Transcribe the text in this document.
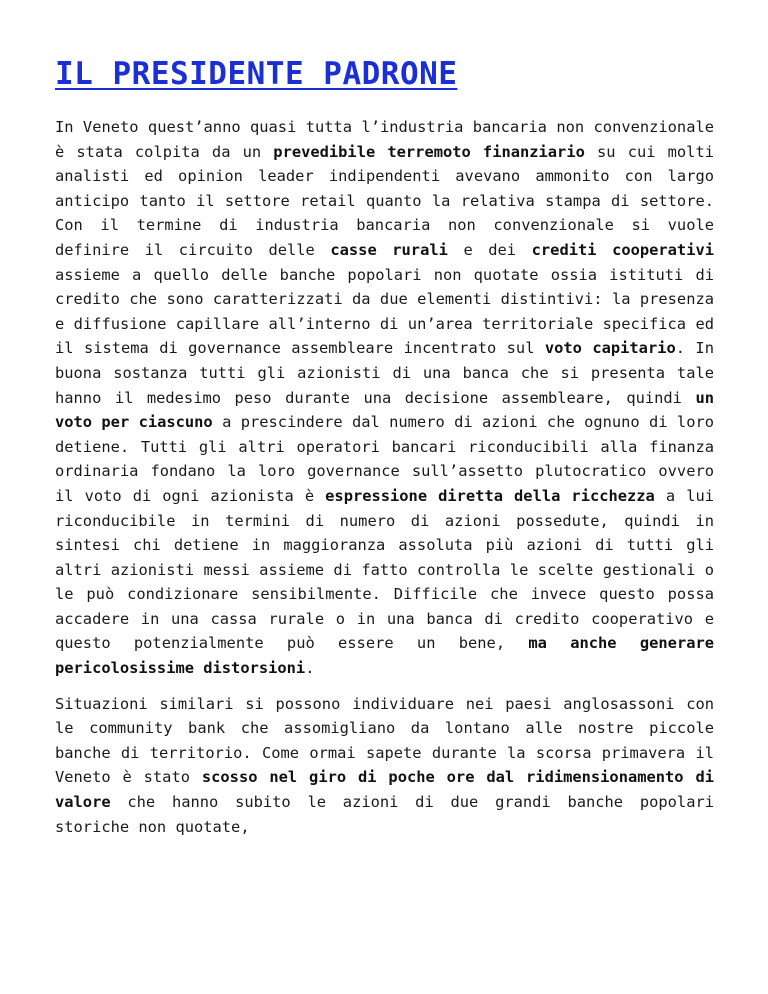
IL PRESIDENTE PADRONE

In Veneto quest’anno quasi tutta l’industria bancaria non convenzionale è stata colpita da un prevedibile terremoto finanziario su cui molti analisti ed opinion leader indipendenti avevano ammonito con largo anticipo tanto il settore retail quanto la relativa stampa di settore. Con il termine di industria bancaria non convenzionale si vuole definire il circuito delle casse rurali e dei crediti cooperativi assieme a quello delle banche popolari non quotate ossia istituti di credito che sono caratterizzati da due elementi distintivi: la presenza e diffusione capillare all’interno di un’area territoriale specifica ed il sistema di governance assembleare incentrato sul voto capitario. In buona sostanza tutti gli azionisti di una banca che si presenta tale hanno il medesimo peso durante una decisione assembleare, quindi un voto per ciascuno a prescindere dal numero di azioni che ognuno di loro detiene. Tutti gli altri operatori bancari riconducibili alla finanza ordinaria fondano la loro governance sull’assetto plutocratico ovvero il voto di ogni azionista è espressione diretta della ricchezza a lui riconducibile in termini di numero di azioni possedute, quindi in sintesi chi detiene in maggioranza assoluta più azioni di tutti gli altri azionisti messi assieme di fatto controlla le scelte gestionali o le può condizionare sensibilmente. Difficile che invece questo possa accadere in una cassa rurale o in una banca di credito cooperativo e questo potenzialmente può essere un bene, ma anche generare pericolosissime distorsioni.

Situazioni similari si possono individuare nei paesi anglosassoni con le community bank che assomigliano da lontano alle nostre piccole banche di territorio. Come ormai sapete durante la scorsa primavera il Veneto è stato scosso nel giro di poche ore dal ridimensionamento di valore che hanno subito le azioni di due grandi banche popolari storiche non quotate,
